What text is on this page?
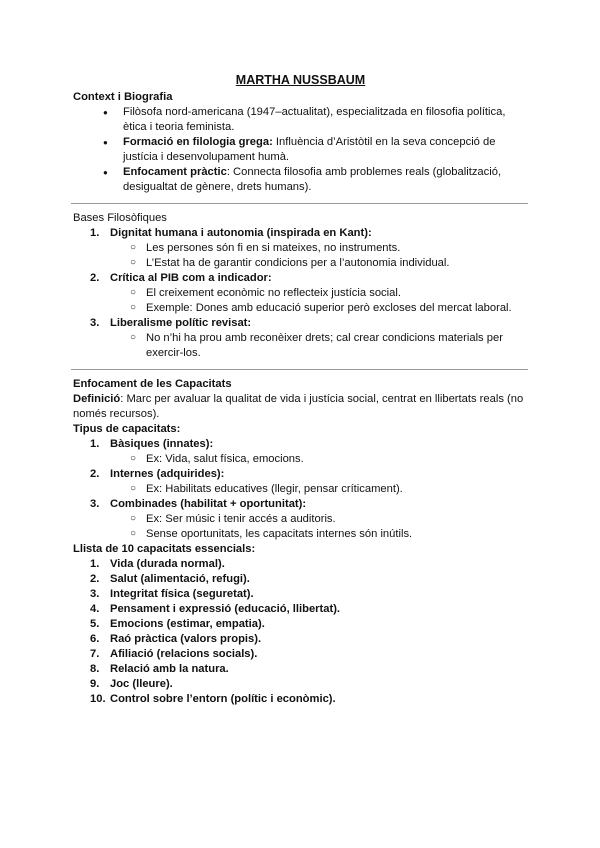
MARTHA NUSSBAUM
Context i Biografia
● Filòsofa nord-americana (1947–actualitat), especialitzada en filosofia política, ètica i teoria feminista.
● Formació en filologia grega: Influència d’Aristòtil en la seva concepció de justícia i desenvolupament humà.
● Enfocament pràctic: Connecta filosofia amb problemes reals (globalització, desigualtat de gènere, drets humans).
Bases Filosòfiques
1. Dignitat humana i autonomia (inspirada en Kant):
○ Les persones són fi en si mateixes, no instruments.
○ L’Estat ha de garantir condicions per a l’autonomia individual.
2. Crítica al PIB com a indicador:
○ El creixement econòmic no reflecteix justícia social.
○ Exemple: Dones amb educació superior però excloses del mercat laboral.
3. Liberalisme polític revisat:
○ No n’hi ha prou amb reconèixer drets; cal crear condicions materials per exercir-los.
Enfocament de les Capacitats
Definició: Marc per avaluar la qualitat de vida i justícia social, centrat en llibertats reals (no només recursos).
Tipus de capacitats:
1. Bàsiques (innates):
○ Ex: Vida, salut física, emocions.
2. Internes (adquirides):
○ Ex: Habilitats educatives (llegir, pensar críticament).
3. Combinades (habilitat + oportunitat):
○ Ex: Ser músic i tenir accés a auditoris.
○ Sense oportunitats, les capacitats internes són inútils.
Llista de 10 capacitats essencials:
1. Vida (durada normal).
2. Salut (alimentació, refugi).
3. Integritat física (seguretat).
4. Pensament i expressió (educació, llibertat).
5. Emocions (estimar, empatia).
6. Raó pràctica (valors propis).
7. Afiliació (relacions socials).
8. Relació amb la natura.
9. Joc (lleure).
10. Control sobre l’entorn (polític i econòmic).
